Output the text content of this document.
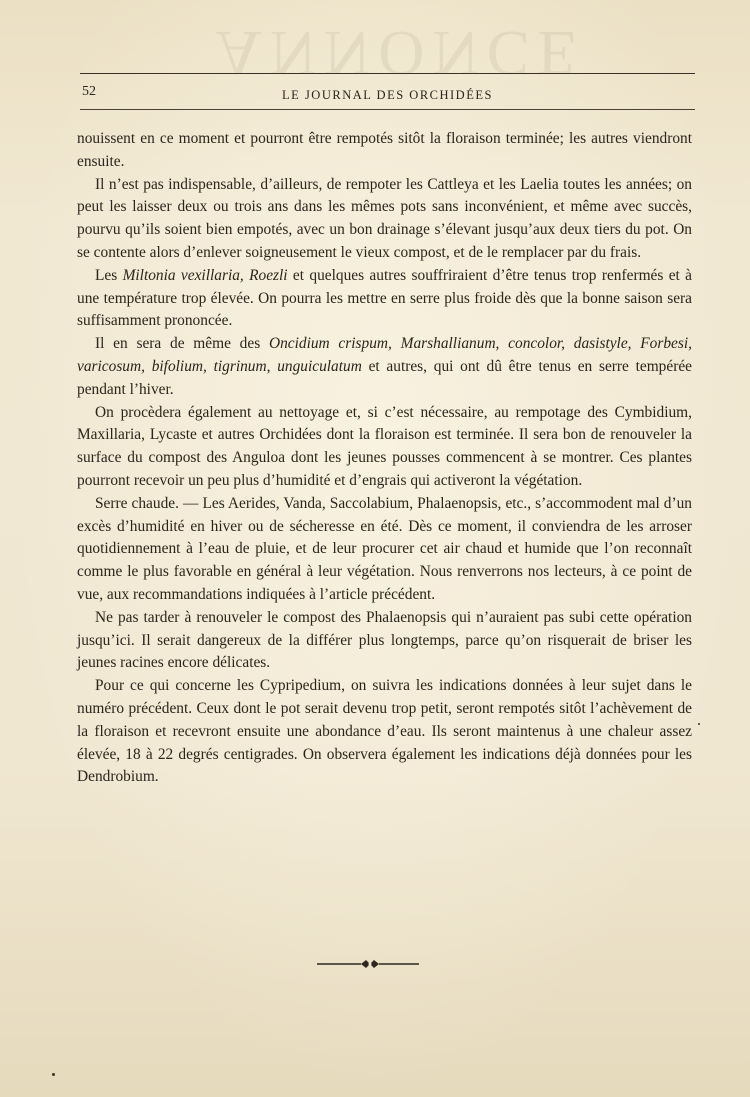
ANNONCE
52	LE JOURNAL DES ORCHIDÉES

nouissent en ce moment et pourront être rempotés sitôt la floraison terminée; les autres viendront ensuite.

Il n’est pas indispensable, d’ailleurs, de rempoter les Cattleya et les Laelia toutes les années; on peut les laisser deux ou trois ans dans les mêmes pots sans inconvénient, et même avec succès, pourvu qu’ils soient bien empotés, avec un bon drainage s’élevant jusqu’aux deux tiers du pot. On se contente alors d’enlever soigneusement le vieux compost, et de le remplacer par du frais.

Les Miltonia vexillaria, Roezli et quelques autres souffriraient d’être tenus trop renfermés et à une température trop élevée. On pourra les mettre en serre plus froide dès que la bonne saison sera suffisamment prononcée.

Il en sera de même des Oncidium crispum, Marshallianum, concolor, dasistyle, Forbesi, varicosum, bifolium, tigrinum, unguiculatum et autres, qui ont dû être tenus en serre tempérée pendant l’hiver.

On procèdera également au nettoyage et, si c’est nécessaire, au rempotage des Cymbidium, Maxillaria, Lycaste et autres Orchidées dont la floraison est terminée. Il sera bon de renouveler la surface du compost des Anguloa dont les jeunes pousses commencent à se montrer. Ces plantes pourront recevoir un peu plus d’humidité et d’engrais qui activeront la végétation.

Serre chaude. — Les Aerides, Vanda, Saccolabium, Phalaenopsis, etc., s’accommodent mal d’un excès d’humidité en hiver ou de sécheresse en été. Dès ce moment, il conviendra de les arroser quotidiennement à l’eau de pluie, et de leur procurer cet air chaud et humide que l’on reconnaît comme le plus favorable en général à leur végétation. Nous renverrons nos lecteurs, à ce point de vue, aux recommandations indiquées à l’article précédent.

Ne pas tarder à renouveler le compost des Phalaenopsis qui n’auraient pas subi cette opération jusqu’ici. Il serait dangereux de la différer plus longtemps, parce qu’on risquerait de briser les jeunes racines encore délicates.

Pour ce qui concerne les Cypripedium, on suivra les indications données à leur sujet dans le numéro précédent. Ceux dont le pot serait devenu trop petit, seront rempotés sitôt l’achèvement de la floraison et recevront ensuite une abondance d’eau. Ils seront maintenus à une chaleur assez élevée, 18 à 22 degrés centigrades. On observera également les indications déjà données pour les Dendrobium.
